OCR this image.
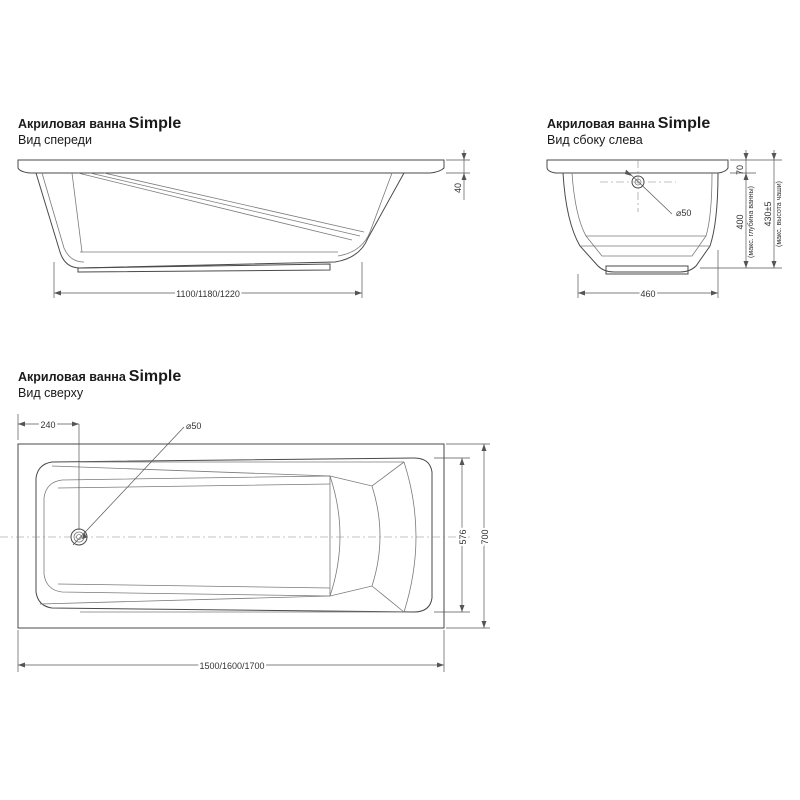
Акриловая ванна Simple
Вид спереди
Акриловая ванна Simple
Вид сбоку слева
Акриловая ванна Simple
Вид сверху
1100/1180/1220
40
⌀50
460
70
400 (макс. глубина ванны) 430±5 (макс. высота чаши)
⌀50
240
1500/1600/1700
576 700
